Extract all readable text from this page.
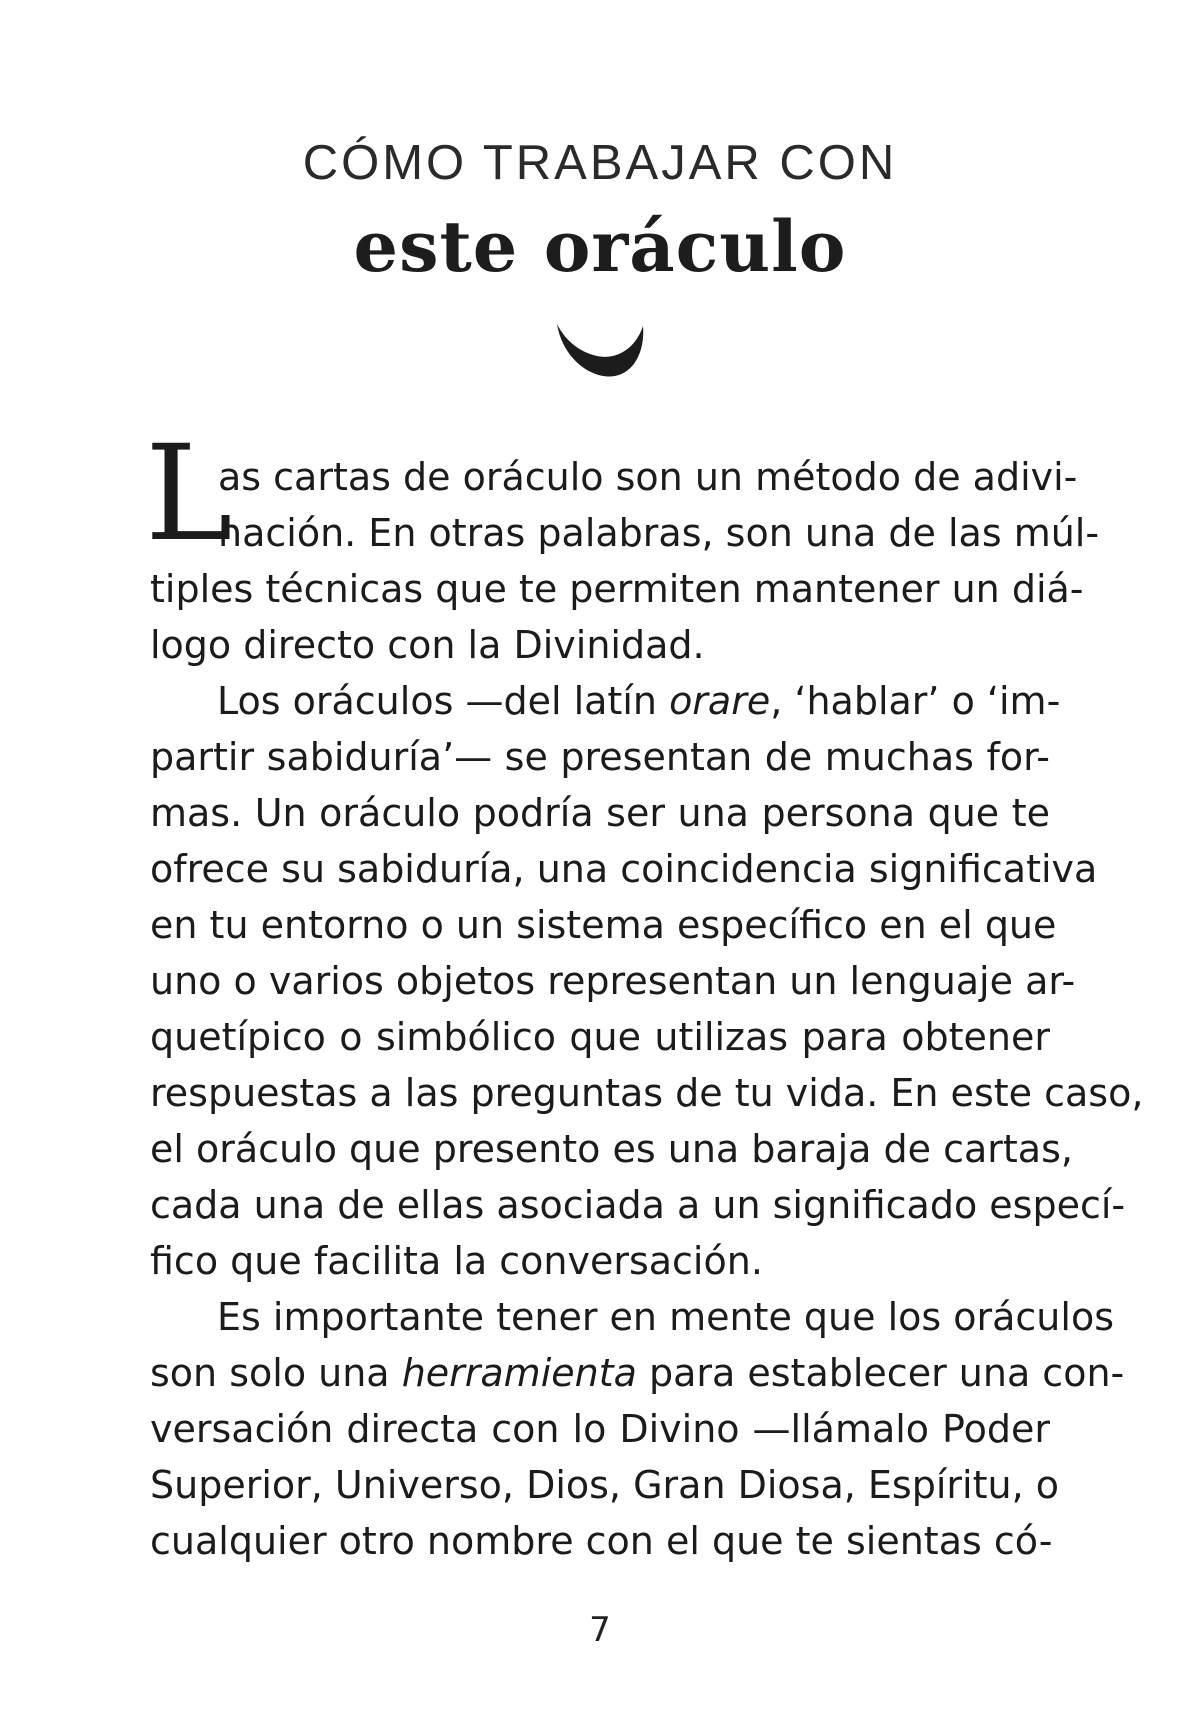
CÓMO TRABAJAR CON
este oráculo
L
as cartas de oráculo son un método de adivi-
nación. En otras palabras, son una de las múl-
tiples técnicas que te permiten mantener un diá-
logo directo con la Divinidad.
Los oráculos —del latín orare, ‘hablar’ o ‘im-
partir sabiduría’— se presentan de muchas for-
mas. Un oráculo podría ser una persona que te
ofrece su sabiduría, una coincidencia significativa
en tu entorno o un sistema específico en el que
uno o varios objetos representan un lenguaje ar-
quetípico o simbólico que utilizas para obtener
respuestas a las preguntas de tu vida. En este caso,
el oráculo que presento es una baraja de cartas,
cada una de ellas asociada a un significado especí-
fico que facilita la conversación.
Es importante tener en mente que los oráculos
son solo una herramienta para establecer una con-
versación directa con lo Divino —llámalo Poder
Superior, Universo, Dios, Gran Diosa, Espíritu, o
cualquier otro nombre con el que te sientas có-
7
